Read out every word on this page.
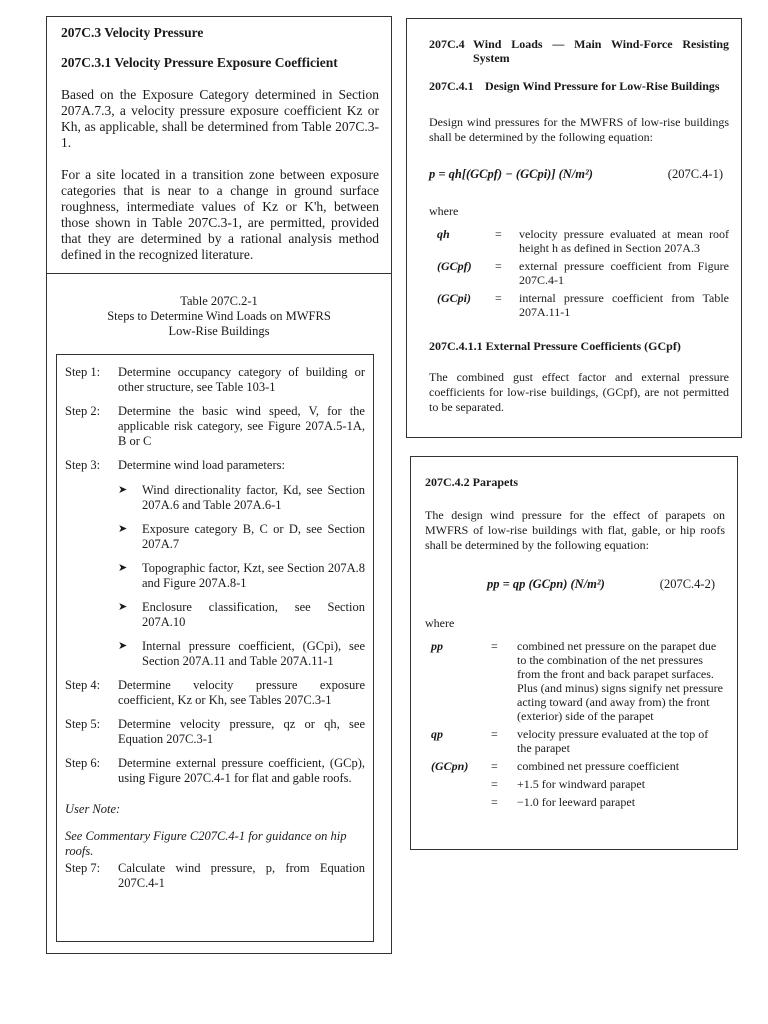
207C.3 Velocity Pressure

207C.3.1 Velocity Pressure Exposure Coefficient

Based on the Exposure Category determined in Section 207A.7.3, a velocity pressure exposure coefficient Kz or Kh, as applicable, shall be determined from Table 207C.3-1.

For a site located in a transition zone between exposure categories that is near to a change in ground surface roughness, intermediate values of Kz or K'h, between those shown in Table 207C.3-1, are permitted, provided that they are determined by a rational analysis method defined in the recognized literature.

Table 207C.2-1
Steps to Determine Wind Loads on MWFRS
Low-Rise Buildings
Step 1:	Determine occupancy category of building or other structure, see Table 103-1
Step 2:	Determine the basic wind speed, V, for the applicable risk category, see Figure 207A.5-1A, B or C
Step 3:	Determine wind load parameters:
➤	Wind directionality factor, Kd, see Section 207A.6 and Table 207A.6-1
➤	Exposure category B, C or D, see Section 207A.7
➤	Topographic factor, Kzt, see Section 207A.8 and Figure 207A.8-1
➤	Enclosure classification, see Section 207A.10
➤	Internal pressure coefficient, (GCpi), see Section 207A.11 and Table 207A.11-1
Step 4:	Determine velocity pressure exposure coefficient, Kz or Kh, see Tables 207C.3-1
Step 5:	Determine velocity pressure, qz or qh, see Equation 207C.3-1
Step 6:	Determine external pressure coefficient, (GCp), using Figure 207C.4-1 for flat and gable roofs.

User Note:

See Commentary Figure C207C.4-1 for guidance on hip roofs.

Step 7:	Calculate wind pressure, p, from Equation 207C.4-1
207C.4 Wind Loads — Main Wind-Force Resisting System
207C.4.1 Design Wind Pressure for Low-Rise Buildings

Design wind pressures for the MWFRS of low-rise buildings shall be determined by the following equation:

p = qh[(GCpf) − (GCpi)] (N/m²)	(207C.4-1)

where

qh	=	velocity pressure evaluated at mean roof height h as defined in Section 207A.3
(GCpf)	=	external pressure coefficient from Figure 207C.4-1
(GCpi)	=	internal pressure coefficient from Table 207A.11-1

207C.4.1.1 External Pressure Coefficients (GCpf)

The combined gust effect factor and external pressure coefficients for low-rise buildings, (GCpf), are not permitted to be separated.

207C.4.2 Parapets

The design wind pressure for the effect of parapets on MWFRS of low-rise buildings with flat, gable, or hip roofs shall be determined by the following equation:

pp = qp (GCpn) (N/m²)	(207C.4-2)

where

pp	=	combined net pressure on the parapet due to the combination of the net pressures from the front and back parapet surfaces. Plus (and minus) signs signify net pressure acting toward (and away from) the front (exterior) side of the parapet
qp	=	velocity pressure evaluated at the top of the parapet
(GCpn)	=	combined net pressure coefficient
=	+1.5 for windward parapet
=	−1.0 for leeward parapet
